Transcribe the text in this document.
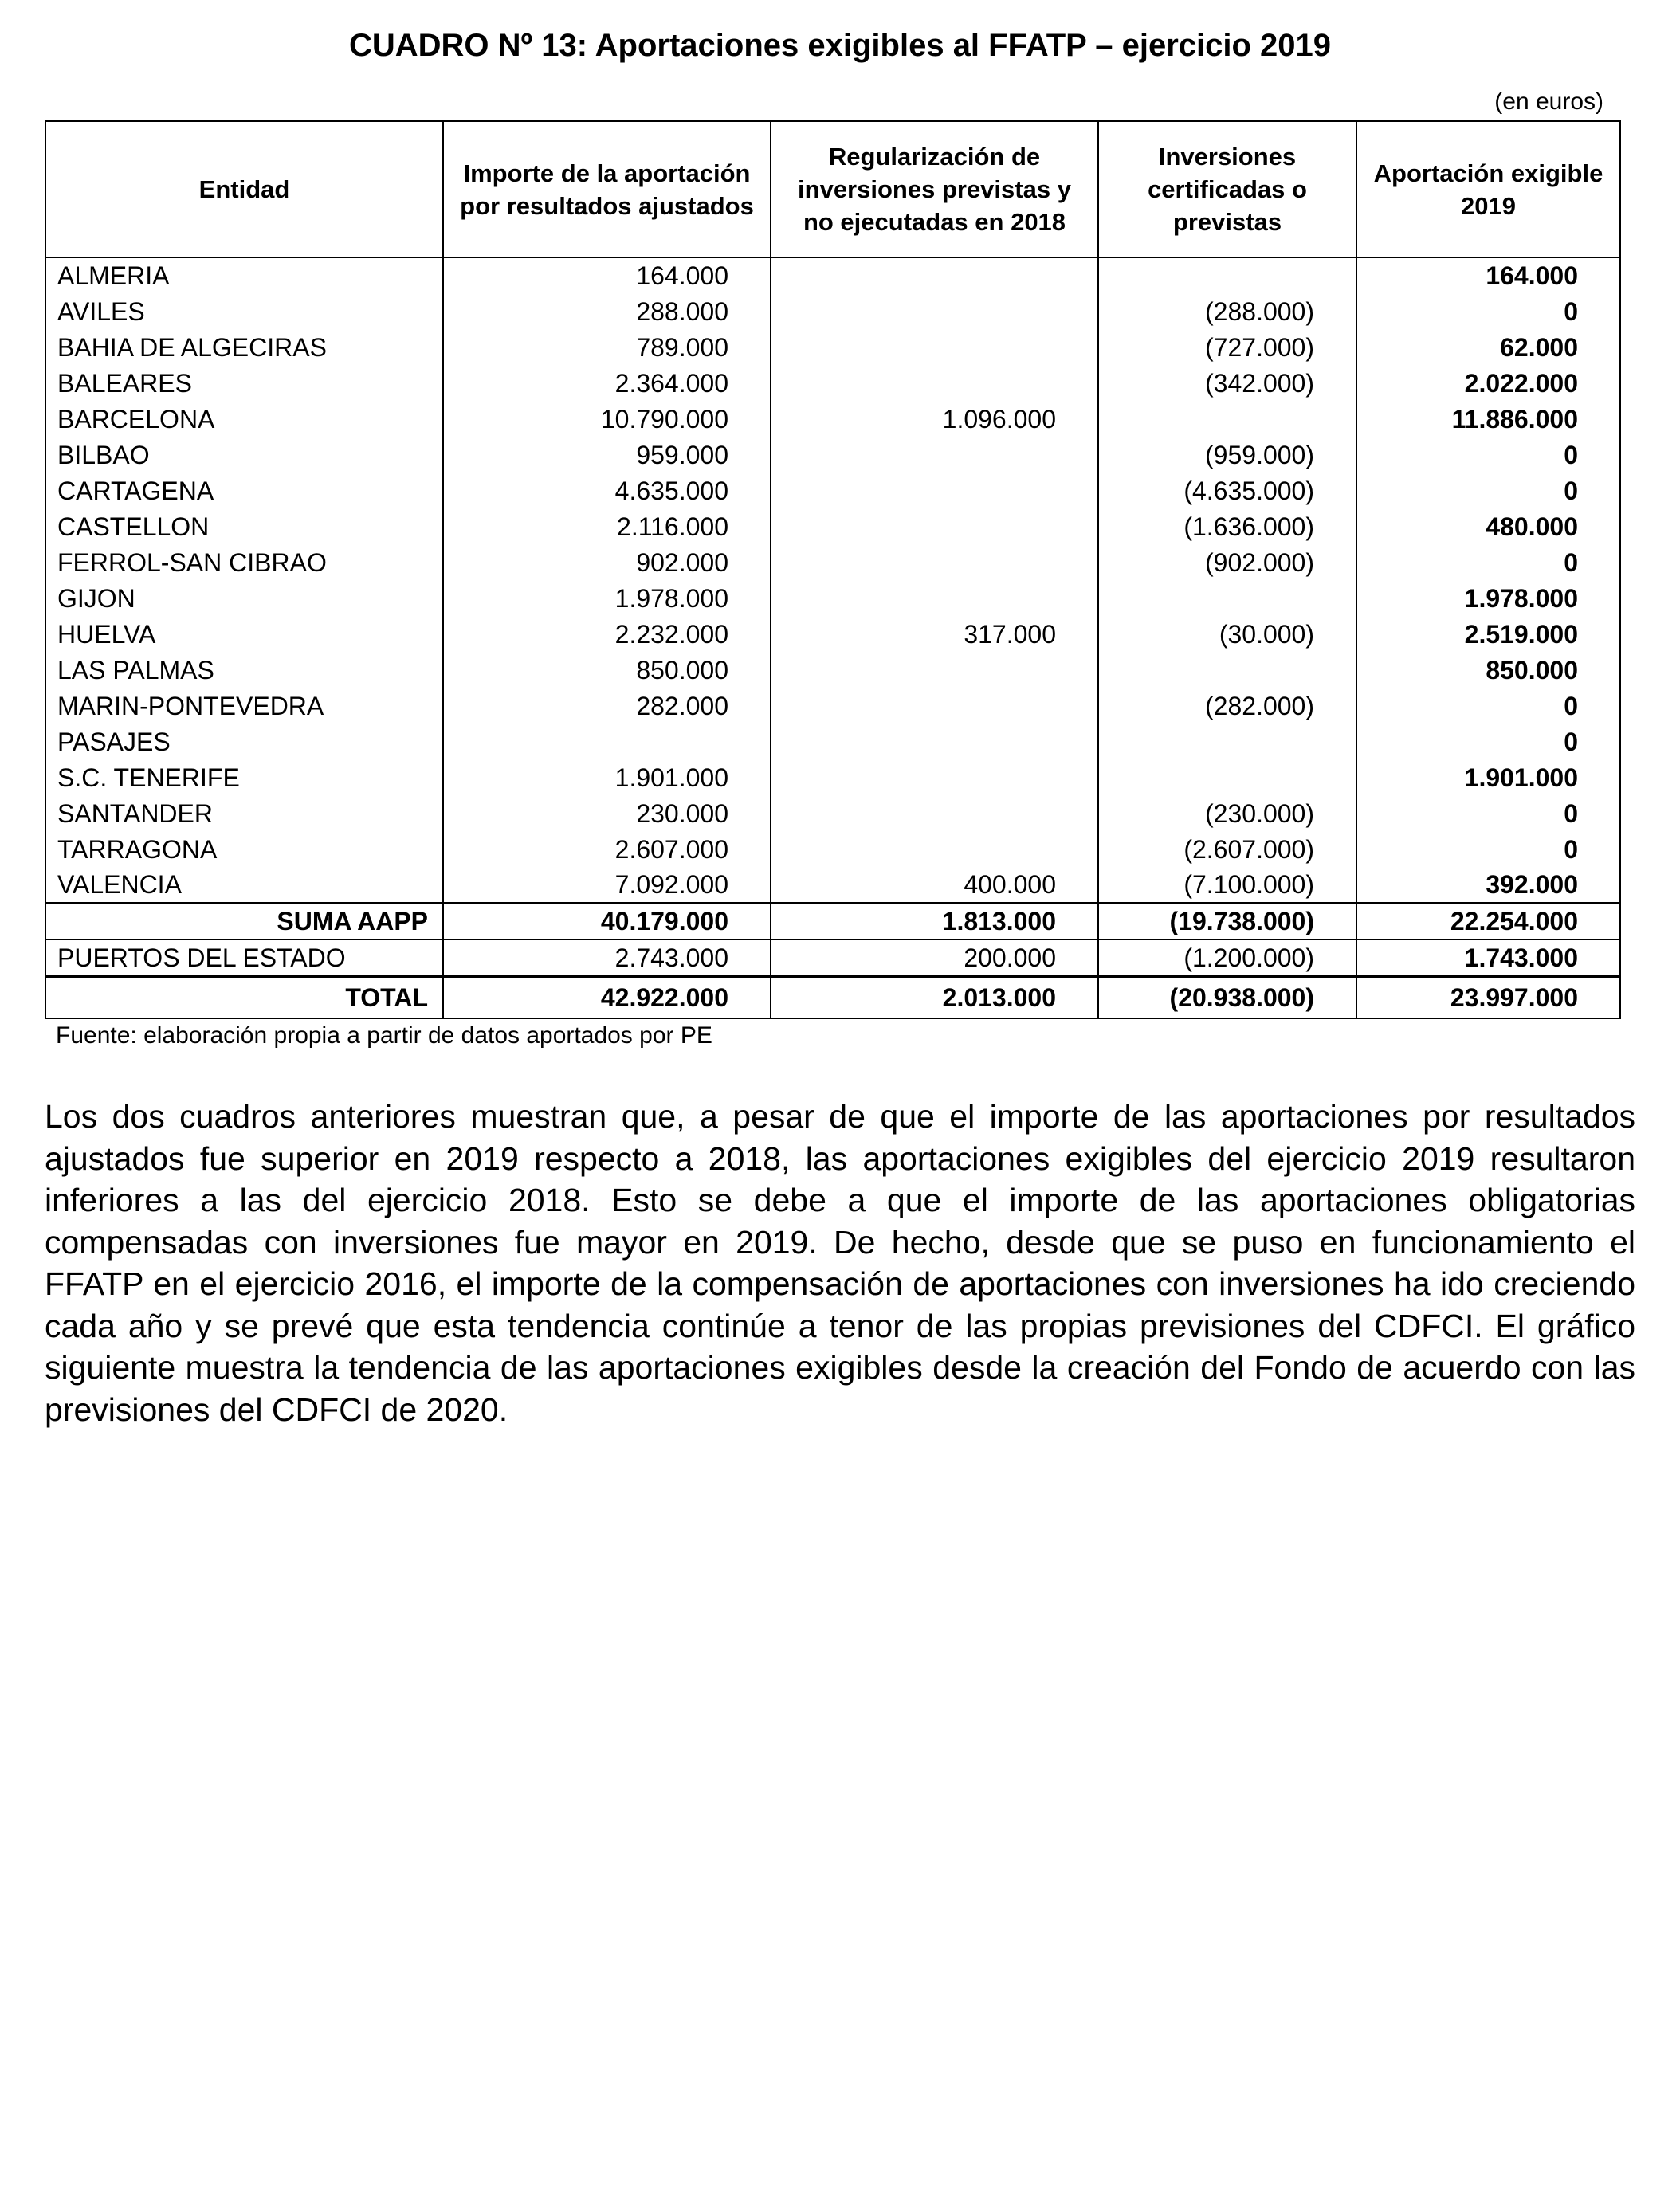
CUADRO Nº 13: Aportaciones exigibles al FFATP – ejercicio 2019
(en euros)
Entidad	Importe de la aportación por resultados ajustados	Regularización de inversiones previstas y no ejecutadas en 2018	Inversiones certificadas o previstas	Aportación exigible 2019
ALMERIA	164.000			164.000
AVILES	288.000		(288.000)	0
BAHIA DE ALGECIRAS	789.000		(727.000)	62.000
BALEARES	2.364.000		(342.000)	2.022.000
BARCELONA	10.790.000	1.096.000		11.886.000
BILBAO	959.000		(959.000)	0
CARTAGENA	4.635.000		(4.635.000)	0
CASTELLON	2.116.000		(1.636.000)	480.000
FERROL-SAN CIBRAO	902.000		(902.000)	0
GIJON	1.978.000			1.978.000
HUELVA	2.232.000	317.000	(30.000)	2.519.000
LAS PALMAS	850.000			850.000
MARIN-PONTEVEDRA	282.000		(282.000)	0
PASAJES				0
S.C. TENERIFE	1.901.000			1.901.000
SANTANDER	230.000		(230.000)	0
TARRAGONA	2.607.000		(2.607.000)	0
VALENCIA	7.092.000	400.000	(7.100.000)	392.000
SUMA AAPP	40.179.000	1.813.000	(19.738.000)	22.254.000
PUERTOS DEL ESTADO	2.743.000	200.000	(1.200.000)	1.743.000
TOTAL	42.922.000	2.013.000	(20.938.000)	23.997.000
Fuente: elaboración propia a partir de datos aportados por PE

Los dos cuadros anteriores muestran que, a pesar de que el importe de las aportaciones por resultados ajustados fue superior en 2019 respecto a 2018, las aportaciones exigibles del ejercicio 2019 resultaron inferiores a las del ejercicio 2018. Esto se debe a que el importe de las aportaciones obligatorias compensadas con inversiones fue mayor en 2019. De hecho, desde que se puso en funcionamiento el FFATP en el ejercicio 2016, el importe de la compensación de aportaciones con inversiones ha ido creciendo cada año y se prevé que esta tendencia continúe a tenor de las propias previsiones del CDFCI. El gráfico siguiente muestra la tendencia de las aportaciones exigibles desde la creación del Fondo de acuerdo con las previsiones del CDFCI de 2020.
